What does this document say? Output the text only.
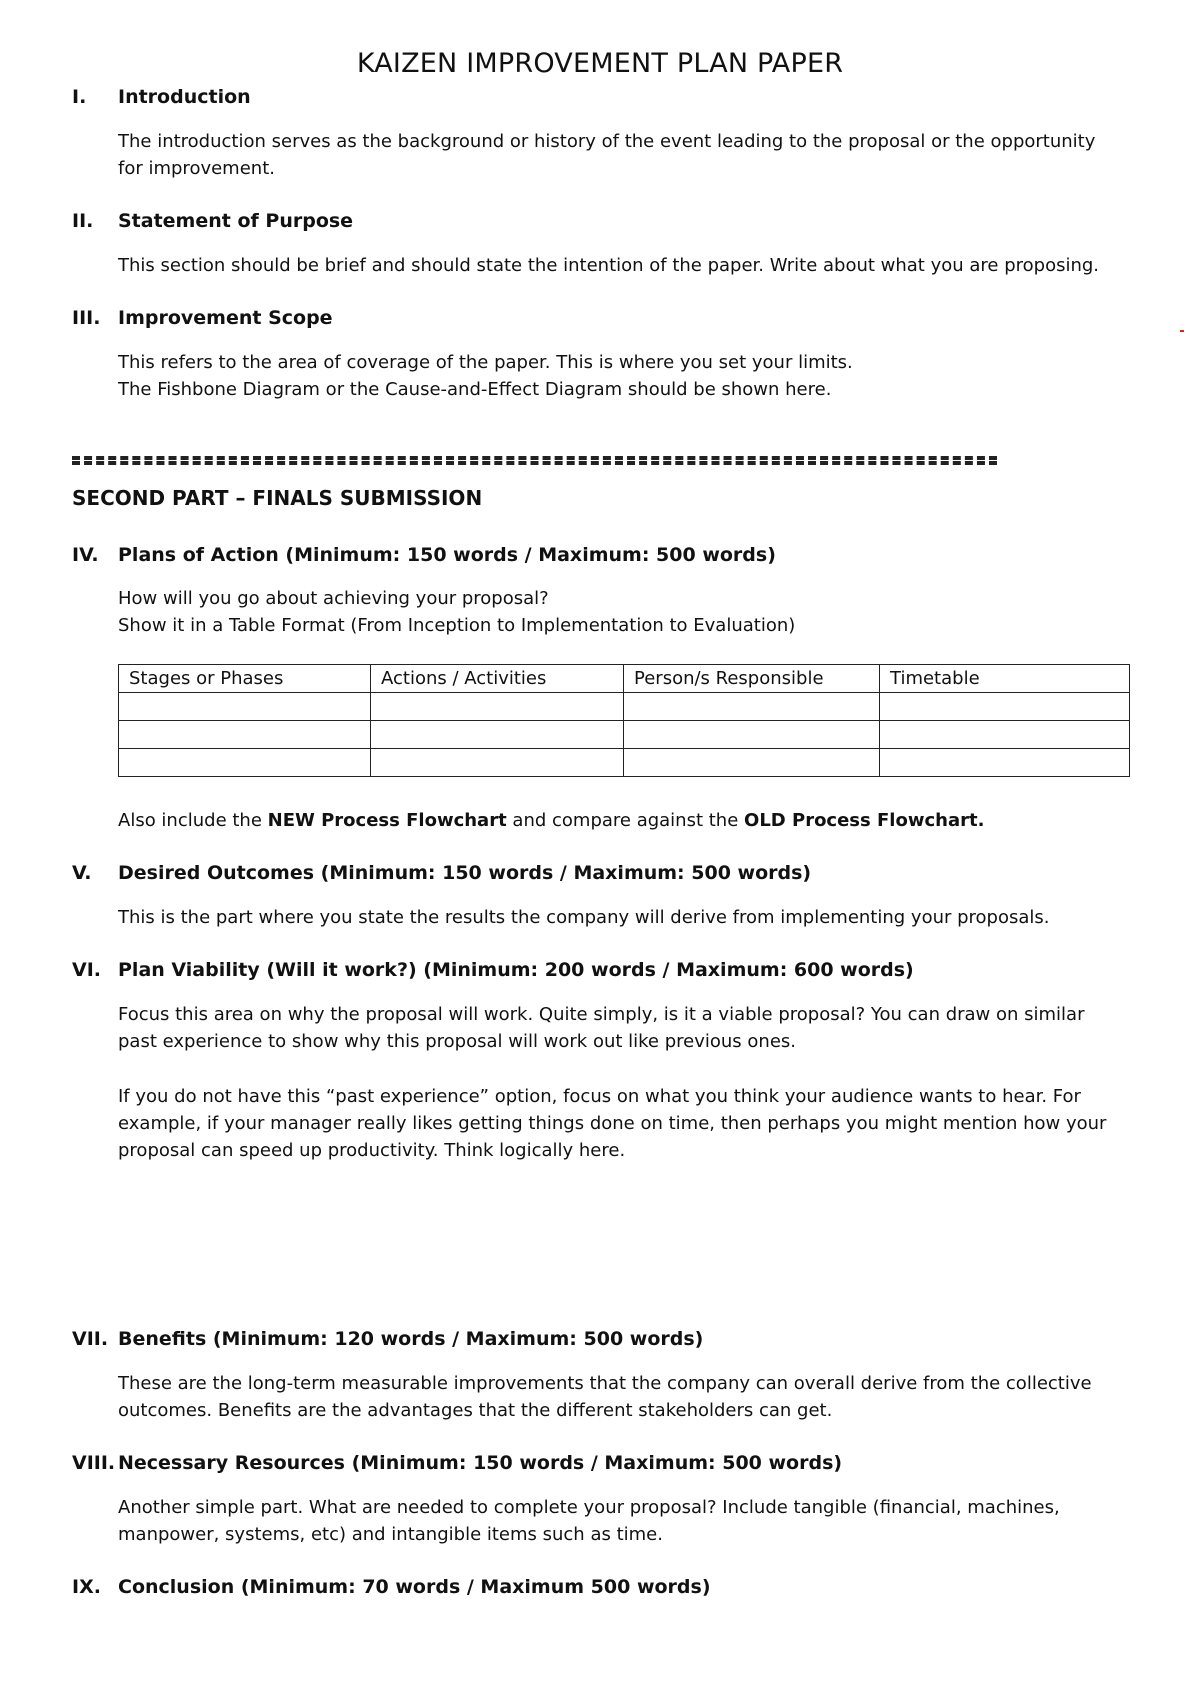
KAIZEN IMPROVEMENT PLAN PAPER
I. Introduction
The introduction serves as the background or history of the event leading to the proposal or the opportunity
for improvement.
II. Statement of Purpose
This section should be brief and should state the intention of the paper. Write about what you are proposing.
III. Improvement Scope
This refers to the area of coverage of the paper. This is where you set your limits.
The Fishbone Diagram or the Cause-and-Effect Diagram should be shown here.
SECOND PART – FINALS SUBMISSION
IV. Plans of Action (Minimum: 150 words / Maximum: 500 words)
How will you go about achieving your proposal?
Show it in a Table Format (From Inception to Implementation to Evaluation)
Stages or Phases	Actions / Activities	Person/s Responsible	Timetable

Also include the NEW Process Flowchart and compare against the OLD Process Flowchart.
V. Desired Outcomes (Minimum: 150 words / Maximum: 500 words)
This is the part where you state the results the company will derive from implementing your proposals.
VI. Plan Viability (Will it work?) (Minimum: 200 words / Maximum: 600 words)
Focus this area on why the proposal will work. Quite simply, is it a viable proposal? You can draw on similar
past experience to show why this proposal will work out like previous ones.
If you do not have this “past experience” option, focus on what you think your audience wants to hear. For
example, if your manager really likes getting things done on time, then perhaps you might mention how your
proposal can speed up productivity. Think logically here.
VII. Benefits (Minimum: 120 words / Maximum: 500 words)
These are the long-term measurable improvements that the company can overall derive from the collective
outcomes. Benefits are the advantages that the different stakeholders can get.
VIII. Necessary Resources (Minimum: 150 words / Maximum: 500 words)
Another simple part. What are needed to complete your proposal? Include tangible (financial, machines,
manpower, systems, etc) and intangible items such as time.
IX. Conclusion (Minimum: 70 words / Maximum 500 words)
